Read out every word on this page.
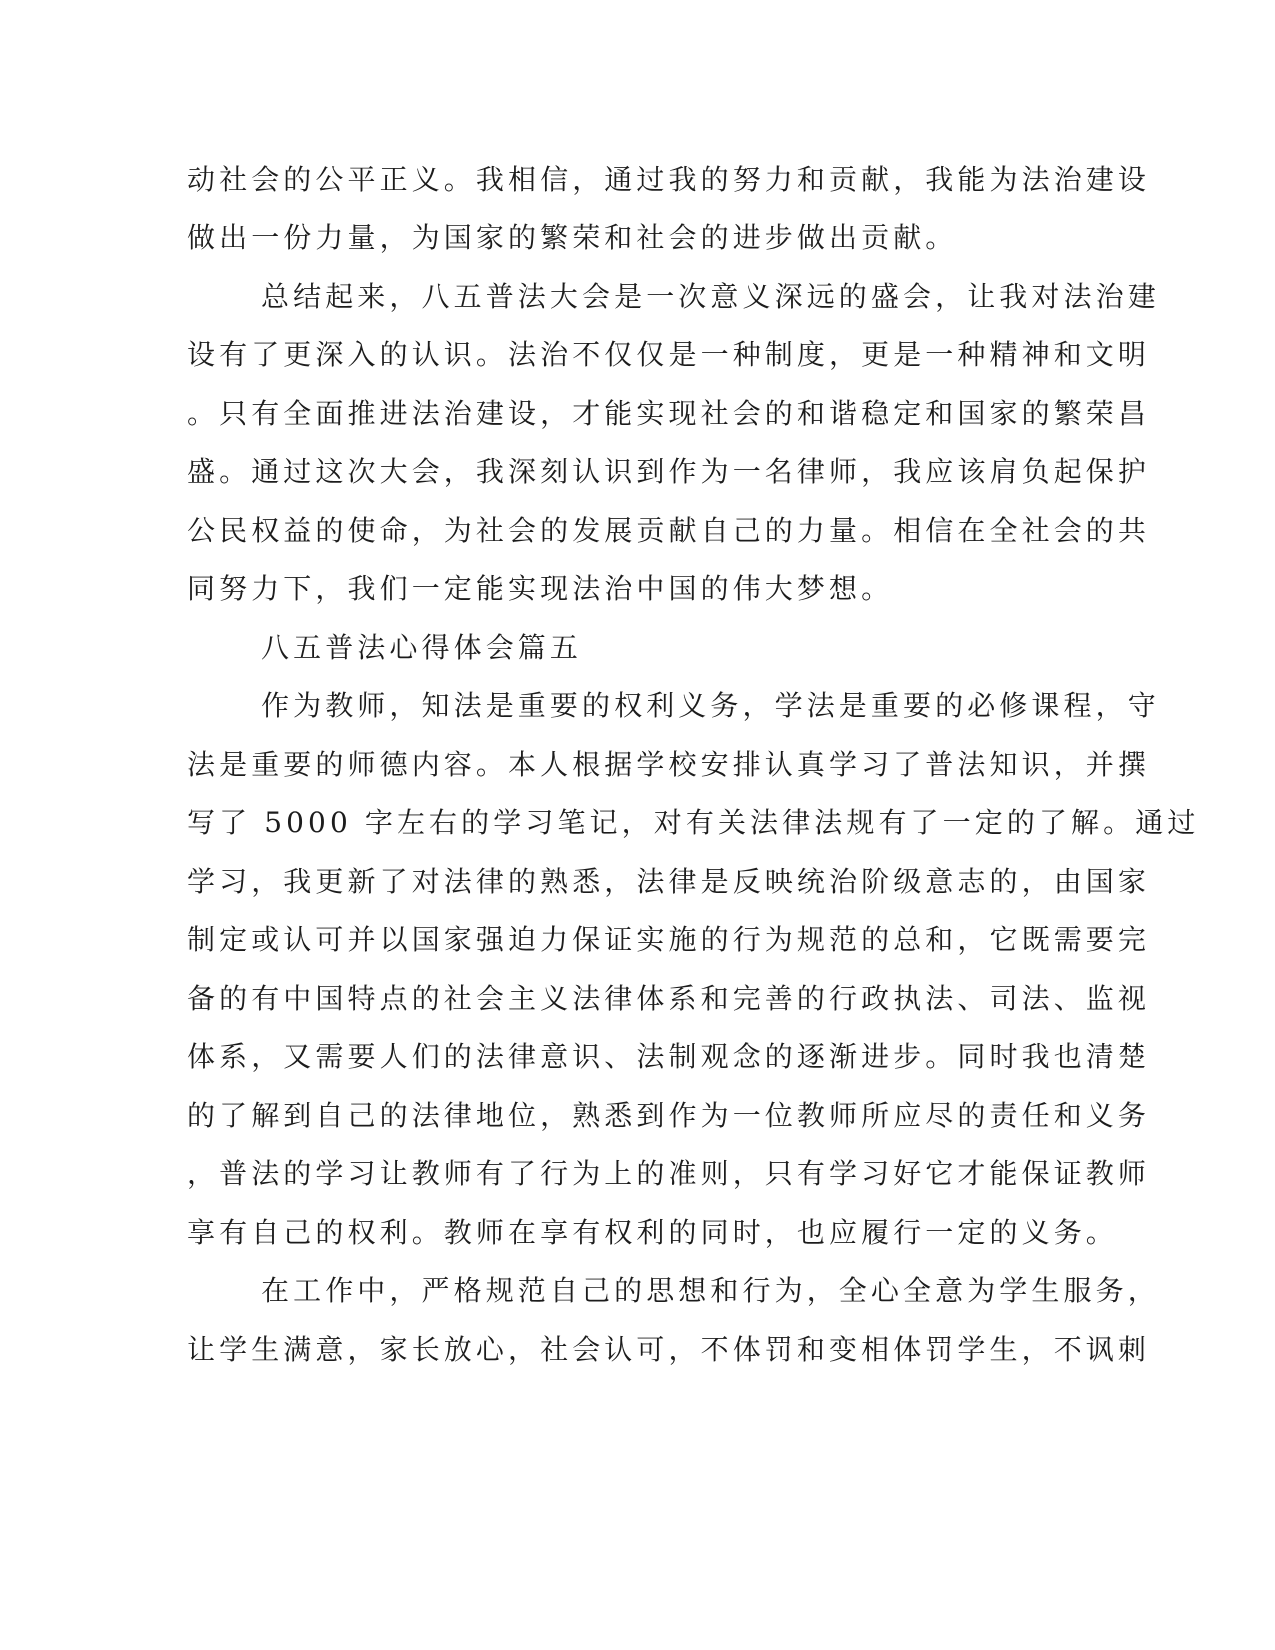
动社会的公平正义。我相信，通过我的努力和贡献，我能为法治建设
做出一份力量，为国家的繁荣和社会的进步做出贡献。
总结起来，八五普法大会是一次意义深远的盛会，让我对法治建
设有了更深入的认识。法治不仅仅是一种制度，更是一种精神和文明
。只有全面推进法治建设，才能实现社会的和谐稳定和国家的繁荣昌
盛。通过这次大会，我深刻认识到作为一名律师，我应该肩负起保护
公民权益的使命，为社会的发展贡献自己的力量。相信在全社会的共
同努力下，我们一定能实现法治中国的伟大梦想。
八五普法心得体会篇五
作为教师，知法是重要的权利义务，学法是重要的必修课程，守
法是重要的师德内容。本人根据学校安排认真学习了普法知识，并撰
写了 5000 字左右的学习笔记，对有关法律法规有了一定的了解。通过
学习，我更新了对法律的熟悉，法律是反映统治阶级意志的，由国家
制定或认可并以国家强迫力保证实施的行为规范的总和，它既需要完
备的有中国特点的社会主义法律体系和完善的行政执法、司法、监视
体系，又需要人们的法律意识、法制观念的逐渐进步。同时我也清楚
的了解到自己的法律地位，熟悉到作为一位教师所应尽的责任和义务
，普法的学习让教师有了行为上的准则，只有学习好它才能保证教师
享有自己的权利。教师在享有权利的同时，也应履行一定的义务。
在工作中，严格规范自己的思想和行为，全心全意为学生服务，
让学生满意，家长放心，社会认可，不体罚和变相体罚学生，不讽刺
